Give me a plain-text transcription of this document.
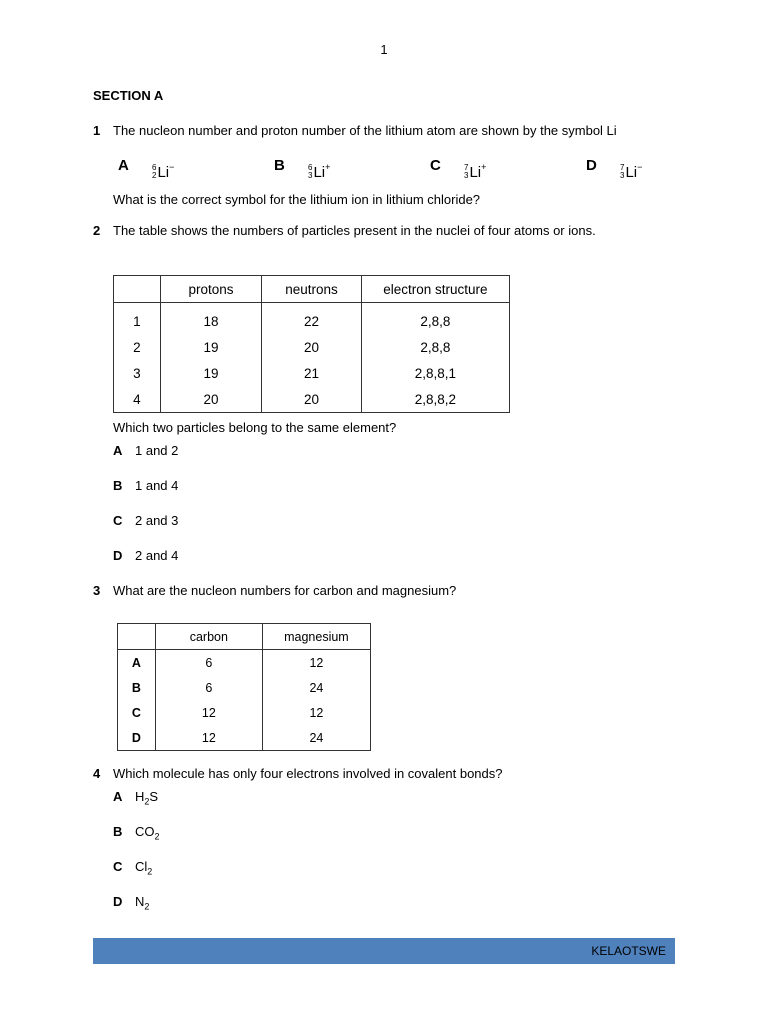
1
SECTION A
1 The nucleon number and proton number of the lithium atom are shown by the symbol Li
A	6
2 Li −	B	6
3 Li +	C	7
3 Li +	D	7
3 Li −
What is the correct symbol for the lithium ion in lithium chloride?
2 The table shows the numbers of particles present in the nuclei of four atoms or ions.
	protons	neutrons	electron structure
1	18	22	2,8,8
2	19	20	2,8,8
3	19	21	2,8,8,1
4	20	20	2,8,8,2
Which two particles belong to the same element?
A 1 and 2
B 1 and 4
C 2 and 3
D 2 and 4
3 What are the nucleon numbers for carbon and magnesium?
	carbon	magnesium
A	6	12
B	6	24
C	12	12
D	12	24
4 Which molecule has only four electrons involved in covalent bonds?
A $H_2S$
B $CO_2$
C $Cl_2$
D $N_2$
KELAOTSWE
